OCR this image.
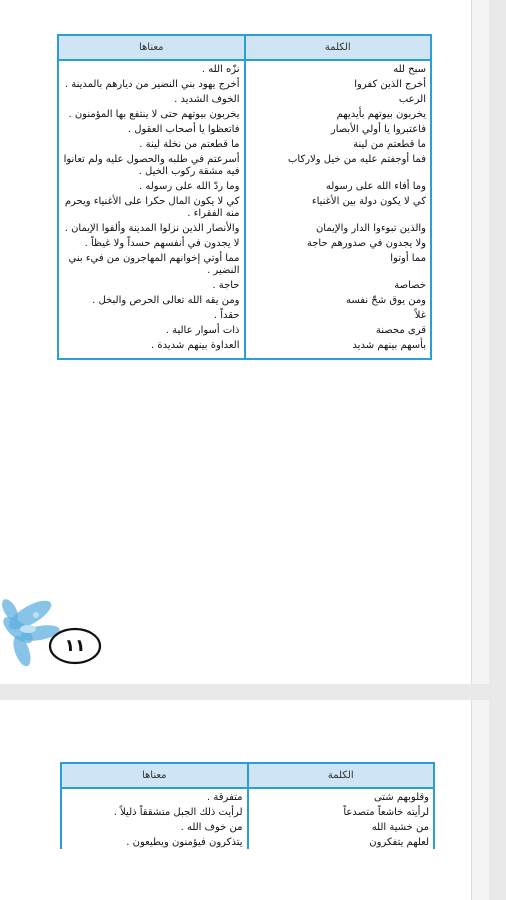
الكلمة	معناها
سبح لله	نزّه الله .
أخرج الذين كفروا	أخرج يهود بني النضير من ديارهم بالمدينة .
الرعب	الخوف الشديد .
يخربون بيوتهم بأيديهم	يخربون بيوتهم حتى لا ينتفع بها المؤمنون .
فاعتبروا يا أولي الأبصار	فاتعظوا يا أصحاب العقول .
ما قطعتم من لينة	ما قطعتم من نخلة لينة .
فما أوجفتم عليه من خيل ولاركاب	أسرعتم في طلبه والحصول عليه ولم تعانوا فيه مشقة ركوب الخيل .
وما أفاء الله على رسوله	وما ردّ الله على رسوله .
كي لا يكون دولة بين الأغنياء	كي لا يكون المال حكرا على الأغنياء ويحرم منه الفقراء .
والذين تبوءوا الدار والإيمان	والأنصار الذين نزلوا المدينة وألفوا الإيمان .
ولا يجدون في صدورهم حاجة	لا يجدون في أنفسهم حسداً ولا غيظاً .
مما أوتوا	مما أوتي إخوانهم المهاجرون من فيء بني النضير .
خصاصة	حاجة .
ومن يوق شحّ نفسه	ومن يقه الله تعالى الحرص والبخل .
غلاً	حقداً .
قرى محصنة	ذات أسوار عالية .
بأسهم بينهم شديد	العداوة بينهم شديدة .
١١
الكلمة	معناها
وقلوبهم شتى	متفرقة .
لرأيته خاشعاً متصدعاً	لرأيت ذلك الجبل متشققاً ذليلاً .
من خشية الله	من خوف الله .
لعلهم يتفكرون	يتذكرون فيؤمنون ويطيعون .
